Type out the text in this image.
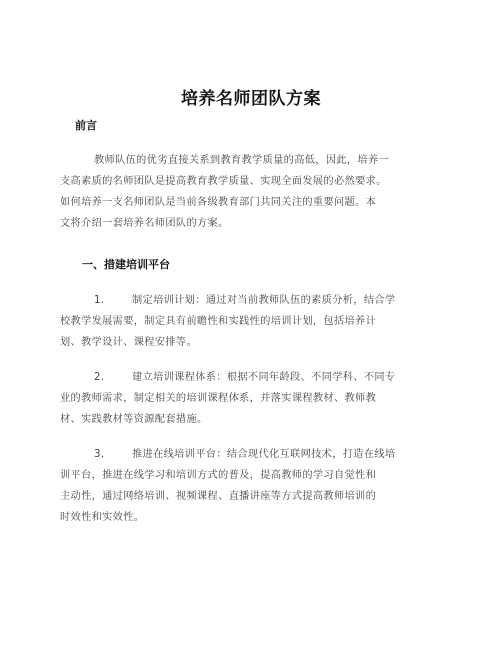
培养名师团队方案
前言
教师队伍的优劣直接关系到教育教学质量的高低，因此，培养一
支高素质的名师团队是提高教育教学质量、实现全面发展的必然要求。
如何培养一支名师团队是当前各级教育部门共同关注的重要问题。本
文将介绍一套培养名师团队的方案。
一、措建培训平台
1.	制定培训计划：通过对当前教师队伍的素质分析，结合学
校教学发展需要，制定具有前瞻性和实践性的培训计划，包括培养计
划、教学设计、课程安排等。
2.	建立培训课程体系：根据不同年龄段、不同学科、不同专
业的教师需求，制定相关的培训课程体系，并落实课程教材、教师教
材、实践教材等资源配套措施。
3.	推进在线培训平台：结合现代化互联网技术，打造在线培
训平台，推进在线学习和培训方式的普及，提高教师的学习自觉性和
主动性，通过网络培训、视频课程、直播讲座等方式提高教师培训的
时效性和实效性。
